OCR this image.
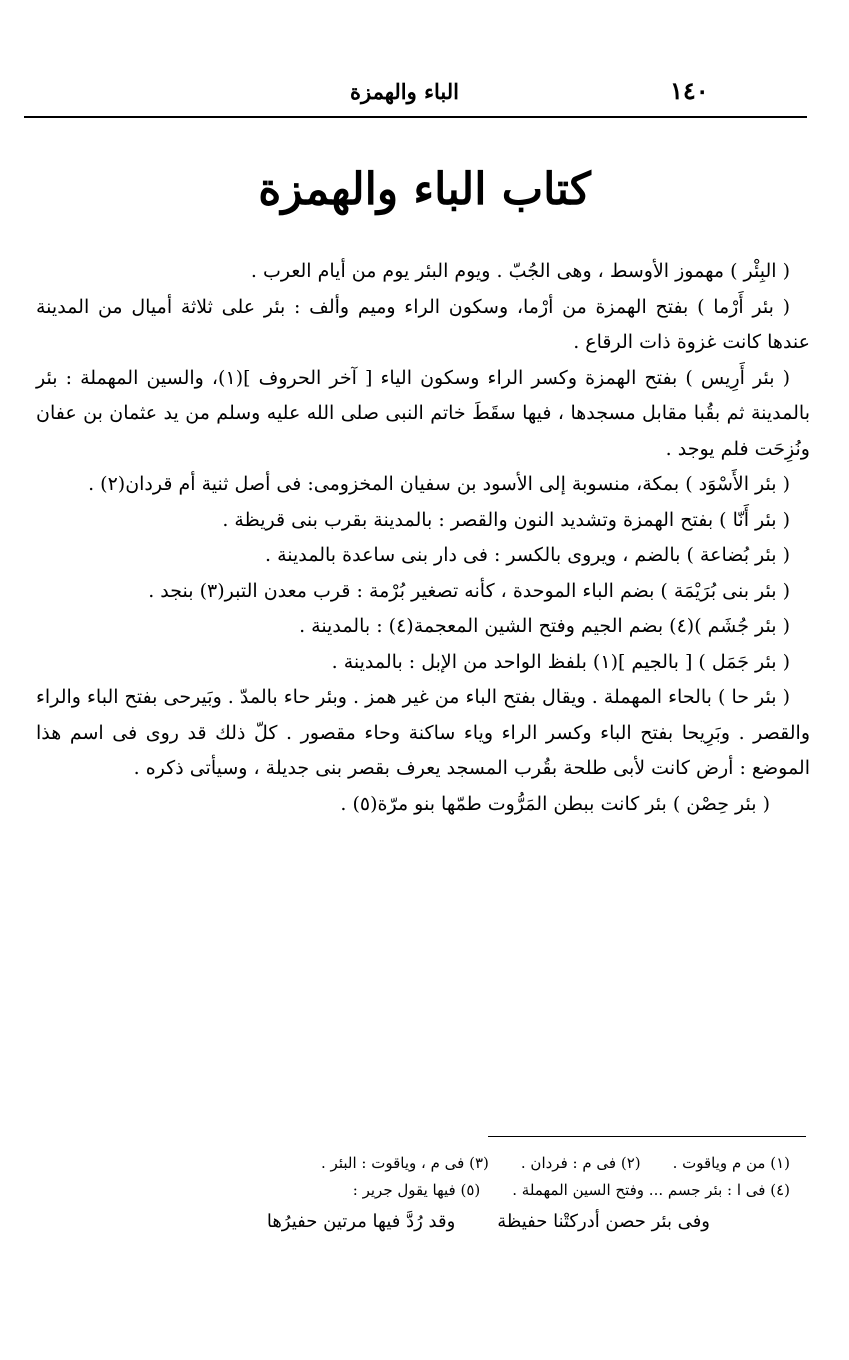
١٤٠
الباء والهمزة
كتاب الباء والهمزة

( البِئْر ) مهموز الأوسط ، وهى الجُبّ . ويوم البئر يوم من أيام العرب .

( بئر أَرْما ) بفتح الهمزة من أرْما، وسكون الراء وميم وألف : بئر على ثلاثة أميال من المدينة عندها كانت غزوة ذات الرقاع .

( بئر أَرِيس ) بفتح الهمزة وكسر الراء وسكون الياء [ آخر الحروف ](١)، والسين المهملة : بئر بالمدينة ثم بقُبا مقابل مسجدها ، فيها سقَطَ خاتم النبى صلى الله عليه وسلم من يد عثمان بن عفان ونُزِحَت فلم يوجد .

( بئر الأَسْوَد ) بمكة، منسوبة إلى الأسود بن سفيان المخزومى: فى أصل ثنية أم قردان(٢) .

( بئر أَنّا ) بفتح الهمزة وتشديد النون والقصر : بالمدينة بقرب بنى قريظة .

( بئر بُضاعة ) بالضم ، ويروى بالكسر : فى دار بنى ساعدة بالمدينة .

( بئر بنى بُرَيْمَة ) بضم الباء الموحدة ، كأنه تصغير بُرْمة : قرب معدن التبر(٣) بنجد .

( بئر جُشَم )(٤) بضم الجيم وفتح الشين المعجمة(٤) : بالمدينة .

( بئر جَمَل ) [ بالجيم ](١) بلفظ الواحد من الإبل : بالمدينة .

( بئر حا ) بالحاء المهملة . ويقال بفتح الباء من غير همز . وبئر حاء بالمدّ . وبَيرحى بفتح الباء والراء والقصر . وبَرِيحا بفتح الباء وكسر الراء وياء ساكنة وحاء مقصور . كلّ ذلك قد روى فى اسم هذا الموضع : أرض كانت لأبى طلحة بقُرب المسجد يعرف بقصر بنى جديلة ، وسيأتى ذكره .

( بئر حِصْن ) بئر كانت ببطن المَرُّوت طمّها بنو مرّة(٥) .

(١) من م وياقوت .
(٢) فى م : فردان .
(٣) فى م ، وياقوت : البئر .
(٤) فى ا : بئر جسم ... وفتح السين المهملة .
(٥) فيها يقول جرير :
وفى بئر حصن أدركتْنا حفيظة
وقد رُدَّ فيها مرتين حفيرُها
